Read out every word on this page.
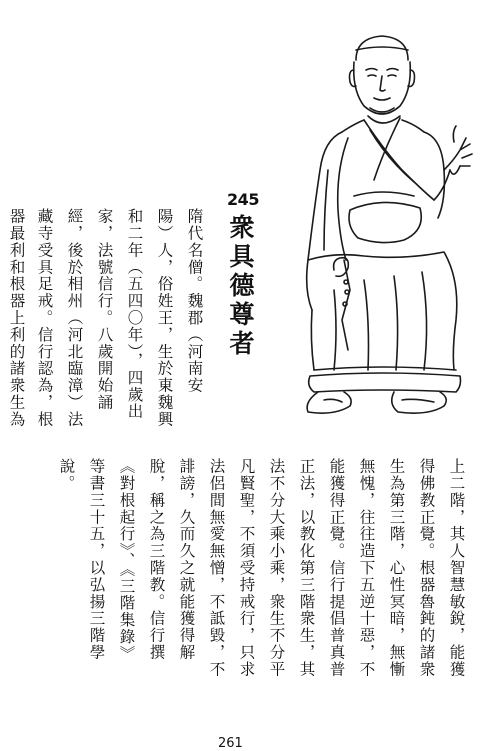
245
衆具德尊者
隋代名僧。魏郡（河南安
陽）人，俗姓王，生於東魏興
和二年（五四〇年），四歲出
家，法號信行。八歲開始誦
經，後於相州（河北臨漳）法
藏寺受具足戒。信行認為，根
器最利和根器上利的諸衆生為
上二階，其人智慧敏銳，能獲
得佛教正覺。根器魯鈍的諸衆
生為第三階，心性冥暗，無慚
無愧，往往造下五逆十惡，不
能獲得正覺。信行提倡普真普
正法，以教化第三階衆生，其
法不分大乘小乘，衆生不分平
凡賢聖，不須受持戒行，只求
法侶間無愛無憎，不詆毀，不
誹謗，久而久之就能獲得解
脫，稱之為三階教。信行撰
《對根起行》、《三階集錄》
等書三十五，以弘揚三階學
說。
261
